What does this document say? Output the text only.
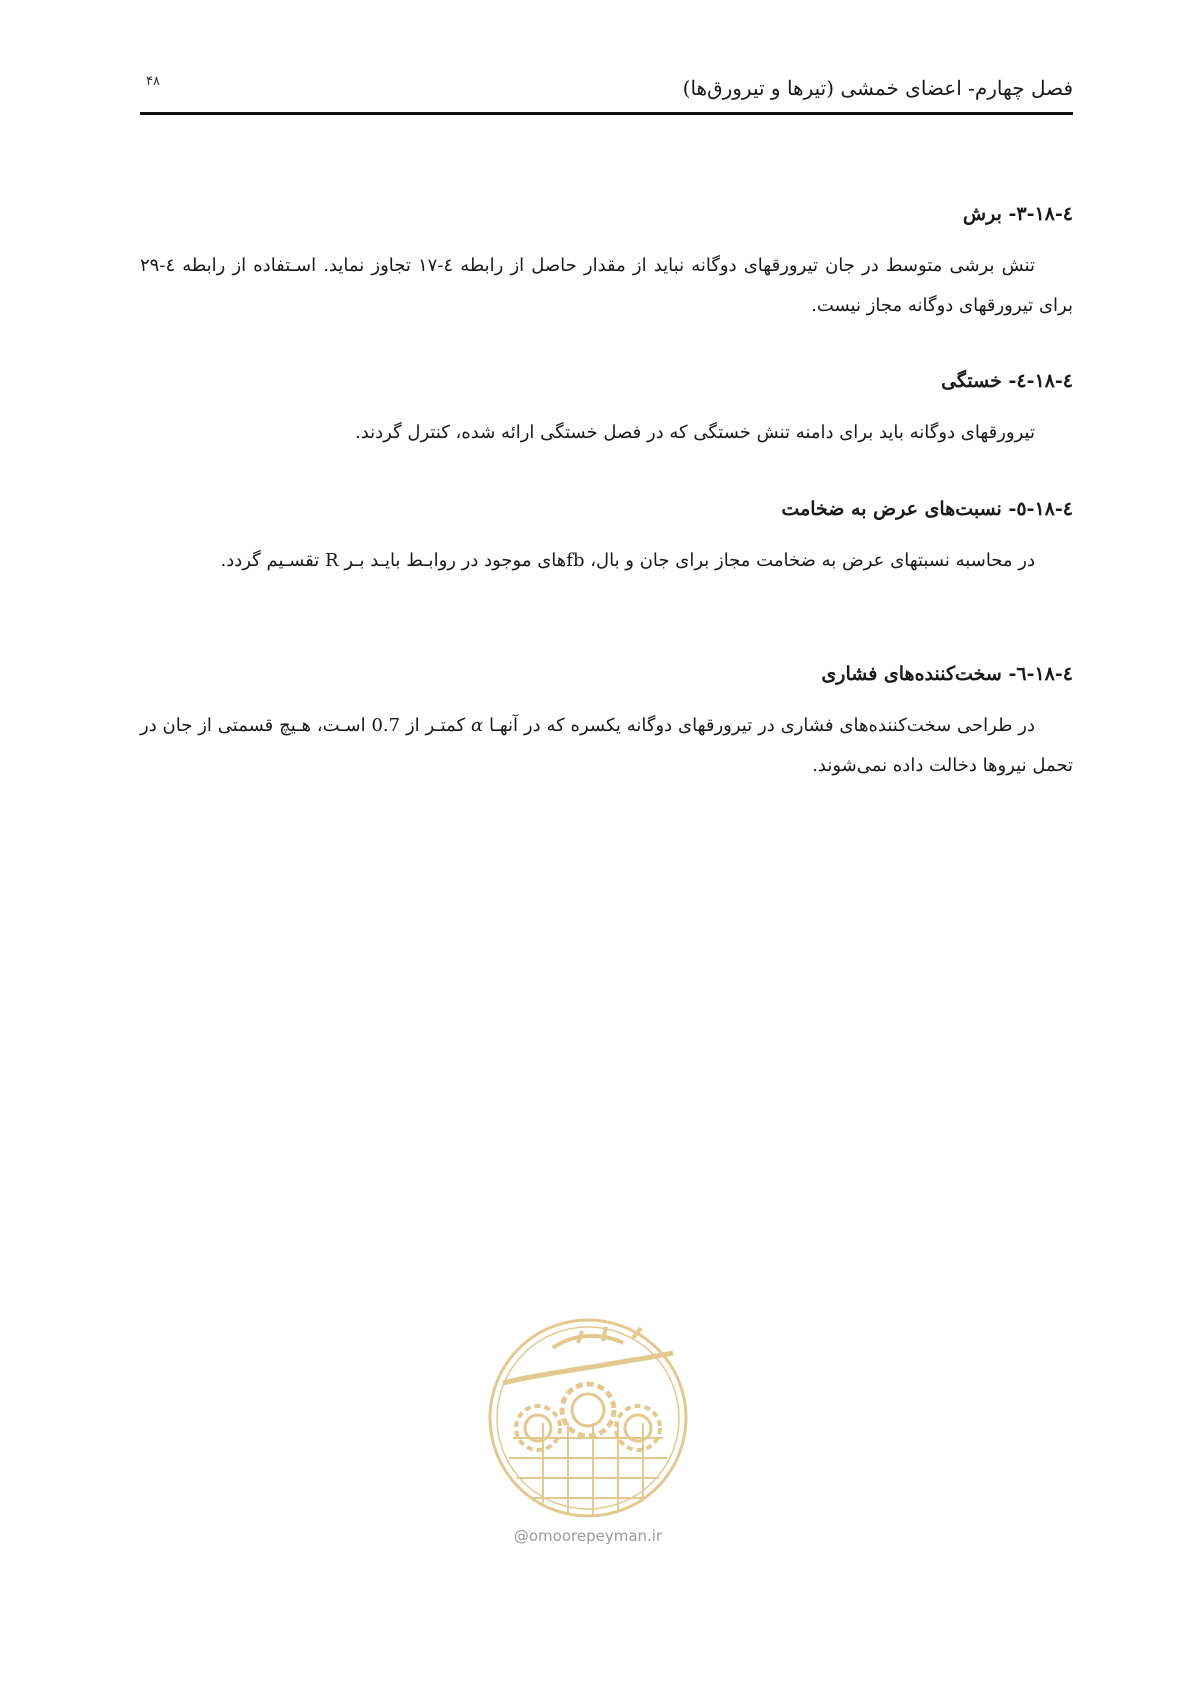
۴۸	فصل چهارم- اعضای خمشی (تیرها و تیرورق‌ها)
٤-١٨-٣- برش

تنش برشی متوسط در جان تیرورقهای دوگانه نباید از مقدار حاصل از رابطه ٤-١٧ تجاوز نماید. اسـتفاده از رابطه ٤-٢٩ برای تیرورقهای دوگانه مجاز نیست.

٤-١٨-٤- خستگی

تیرورقهای دوگانه باید برای دامنه تنش خستگی که در فصل خستگی ارائه شده، کنترل گردند.

٤-١٨-٥- نسبت‌های عرض به ضخامت

در محاسبه نسبتهای عرض به ضخامت مجاز برای جان و بال، fbهای موجود در روابـط بایـد بـر R تقسـیم گردد.

٤-١٨-٦- سخت‌کننده‌های فشاری

در طراحی سخت‌کننده‌های فشاری در تیرورقهای دوگانه یکسره که در آنهـا α کمتـر از 0.7 اسـت، هـیچ قسمتی از جان در تحمل نیروها دخالت داده نمی‌شوند.

@omoorepeyman.ir
